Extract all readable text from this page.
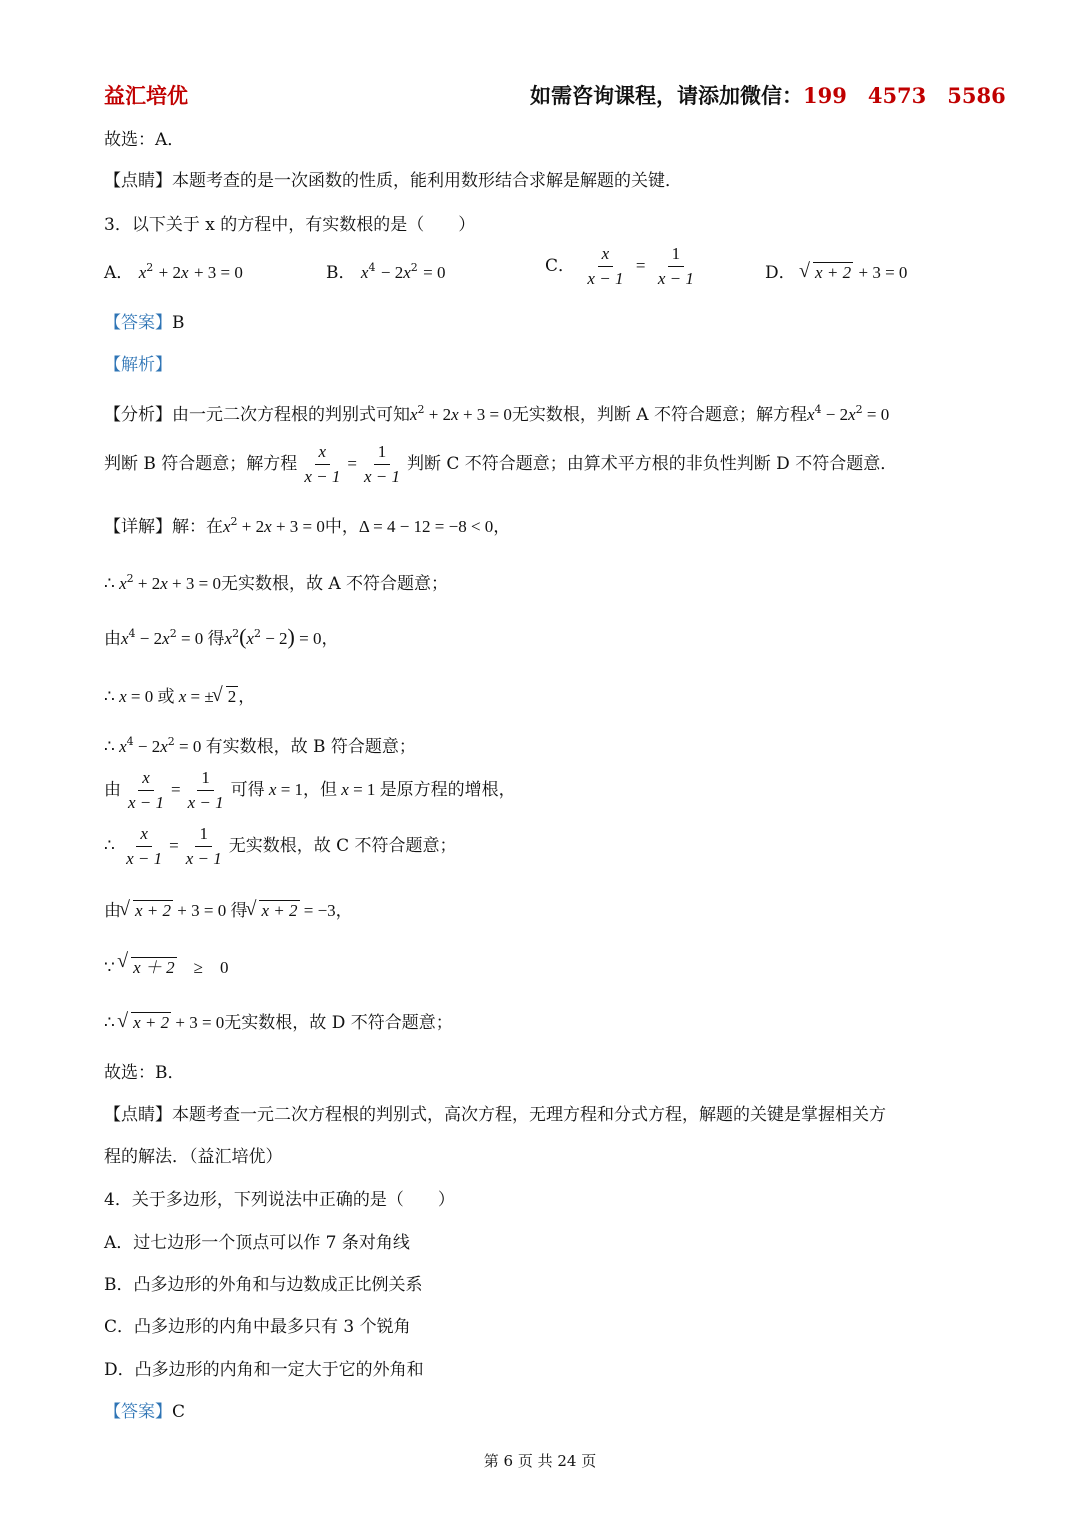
益汇培优	如需咨询课程，请添加微信：199　4573　5586
故选：A．
【点睛】本题考查的是一次函数的性质，能利用数形结合求解是解题的关键．
3．以下关于 x 的方程中，有实数根的是（　　）
A． $x^2 + 2x + 3 = 0$	B． $x^4 - 2x^2 = 0$	C． $\frac{x}{x - 1} = \frac{1}{x - 1}$	D． √ x + 2 + 3 = 0
【答案】B
【解析】
【分析】由一元二次方程根的判别式可知$x^2 + 2x + 3 = 0$无实数根，判断 A 不符合题意；解方程$x^4 - 2x^2 = 0$
判断 B 符合题意；解方程 $\frac{x}{x - 1} = \frac{1}{x - 1}$ 判断 C 不符合题意；由算术平方根的非负性判断 D 不符合题意．
【详解】解：在$x^2 + 2x + 3 = 0$中，Δ = 4 − 12 = −8 < 0，
∴ $x^2 + 2x + 3 = 0$无实数根，故 A 不符合题意；
由$x^4 - 2x^2 = 0$ 得$x^2(x^2 - 2) = 0$，
∴ x = 0 或 x = ± √ 2 ，
∴ $x^4 - 2x^2 = 0$ 有实数根，故 B 符合题意；
由 $\frac{x}{x - 1} = \frac{1}{x - 1}$ 可得 x = 1，但 x = 1 是原方程的增根，
∴ $\frac{x}{x - 1} = \frac{1}{x - 1}$ 无实数根，故 C 不符合题意；
由 √ x + 2 + 3 = 0 得 √ x + 2 = −3，
∵ √ x ＋ 2　≥　0
∴ √ x + 2 + 3 = 0无实数根，故 D 不符合题意；
故选：B．
【点睛】本题考查一元二次方程根的判别式，高次方程，无理方程和分式方程，解题的关键是掌握相关方
程的解法．（益汇培优）
4．关于多边形，下列说法中正确的是（　　）
A．过七边形一个顶点可以作 7 条对角线
B．凸多边形的外角和与边数成正比例关系
C．凸多边形的内角中最多只有 3 个锐角
D．凸多边形的内角和一定大于它的外角和
【答案】C
第 6 页 共 24 页
